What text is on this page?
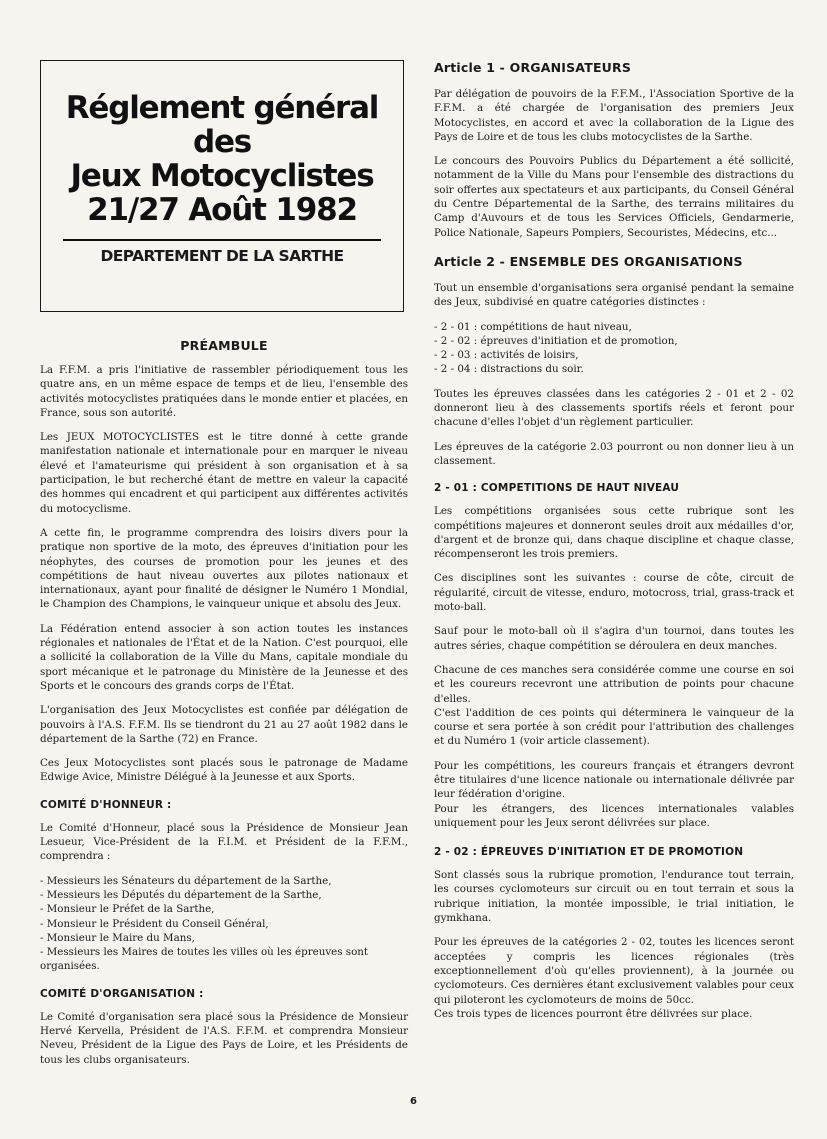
Réglement général
des
Jeux Motocyclistes
21/27 Août 1982
DEPARTEMENT DE LA SARTHE
PRÉAMBULE

La F.F.M. a pris l'initiative de rassembler périodiquement tous les quatre ans, en un même espace de temps et de lieu, l'ensemble des activités motocyclistes pratiquées dans le monde entier et placées, en France, sous son autorité.

Les JEUX MOTOCYCLISTES est le titre donné à cette grande manifestation nationale et internationale pour en marquer le niveau élevé et l'amateurisme qui président à son organisation et à sa participation, le but recherché étant de mettre en valeur la capacité des hommes qui encadrent et qui participent aux différentes activités du motocyclisme.

A cette fin, le programme comprendra des loisirs divers pour la pratique non sportive de la moto, des épreuves d'initiation pour les néophytes, des courses de promotion pour les jeunes et des compétitions de haut niveau ouvertes aux pilotes nationaux et internationaux, ayant pour finalité de désigner le Numéro 1 Mondial, le Champion des Champions, le vainqueur unique et absolu des Jeux.

La Fédération entend associer à son action toutes les instances régionales et nationales de l'État et de la Nation. C'est pourquoi, elle a sollicité la collaboration de la Ville du Mans, capitale mondiale du sport mécanique et le patronage du Ministère de la Jeunesse et des Sports et le concours des grands corps de l'État.

L'organisation des Jeux Motocyclistes est confiée par délégation de pouvoirs à l'A.S. F.F.M. Ils se tiendront du 21 au 27 août 1982 dans le département de la Sarthe (72) en France.

Ces Jeux Motocyclistes sont placés sous le patronage de Madame Edwige Avice, Ministre Délégué à la Jeunesse et aux Sports.

COMITÉ D'HONNEUR :

Le Comité d'Honneur, placé sous la Présidence de Monsieur Jean Lesueur, Vice-Président de la F.I.M. et Président de la F.F.M., comprendra :

- Messieurs les Sénateurs du département de la Sarthe,
- Messieurs les Députés du département de la Sarthe,
- Monsieur le Préfet de la Sarthe,
- Monsieur le Président du Conseil Général,
- Monsieur le Maire du Mans,
- Messieurs les Maires de toutes les villes où les épreuves sont organisées.
COMITÉ D'ORGANISATION :

Le Comité d'organisation sera placé sous la Présidence de Monsieur Hervé Kervella, Président de l'A.S. F.F.M. et comprendra Monsieur Neveu, Président de la Ligue des Pays de Loire, et les Présidents de tous les clubs organisateurs.

Article 1 - ORGANISATEURS

Par délégation de pouvoirs de la F.F.M., l'Association Sportive de la F.F.M. a été chargée de l'organisation des premiers Jeux Motocyclistes, en accord et avec la collaboration de la Ligue des Pays de Loire et de tous les clubs motocyclistes de la Sarthe.

Le concours des Pouvoirs Publics du Département a été sollicité, notamment de la Ville du Mans pour l'ensemble des distractions du soir offertes aux spectateurs et aux participants, du Conseil Général du Centre Départemental de la Sarthe, des terrains militaires du Camp d'Auvours et de tous les Services Officiels, Gendarmerie, Police Nationale, Sapeurs Pompiers, Secouristes, Médecins, etc...

Article 2 - ENSEMBLE DES ORGANISATIONS

Tout un ensemble d'organisations sera organisé pendant la semaine des Jeux, subdivisé en quatre catégories distinctes :

- 2 - 01 : compétitions de haut niveau,
- 2 - 02 : épreuves d'initiation et de promotion,
- 2 - 03 : activités de loisirs,
- 2 - 04 : distractions du soir.

Toutes les épreuves classées dans les catégories 2 - 01 et 2 - 02 donneront lieu à des classements sportifs réels et feront pour chacune d'elles l'objet d'un règlement particulier.

Les épreuves de la catégorie 2.03 pourront ou non donner lieu à un classement.

2 - 01 : COMPETITIONS DE HAUT NIVEAU

Les compétitions organisées sous cette rubrique sont les compétitions majeures et donneront seules droit aux médailles d'or, d'argent et de bronze qui, dans chaque discipline et chaque classe, récompenseront les trois premiers.

Ces disciplines sont les suivantes : course de côte, circuit de régularité, circuit de vitesse, enduro, motocross, trial, grass-track et moto-ball.

Sauf pour le moto-ball où il s'agira d'un tournoi, dans toutes les autres séries, chaque compétition se déroulera en deux manches.

Chacune de ces manches sera considérée comme une course en soi et les coureurs recevront une attribution de points pour chacune d'elles.

C'est l'addition de ces points qui déterminera le vainqueur de la course et sera portée à son crédit pour l'attribution des challenges et du Numéro 1 (voir article classement).

Pour les compétitions, les coureurs français et étrangers devront être titulaires d'une licence nationale ou internationale délivrée par leur fédération d'origine.

Pour les étrangers, des licences internationales valables uniquement pour les Jeux seront délivrées sur place.

2 - 02 : ÉPREUVES D'INITIATION ET DE PROMOTION

Sont classés sous la rubrique promotion, l'endurance tout terrain, les courses cyclomoteurs sur circuit ou en tout terrain et sous la rubrique initiation, la montée impossible, le trial initiation, le gymkhana.

Pour les épreuves de la catégories 2 - 02, toutes les licences seront acceptées y compris les licences régionales (très exceptionnellement d'où qu'elles proviennent), à la journée ou cyclomoteurs. Ces dernières étant exclusivement valables pour ceux qui piloteront les cyclomoteurs de moins de 50cc.

Ces trois types de licences pourront être délivrées sur place.

6
